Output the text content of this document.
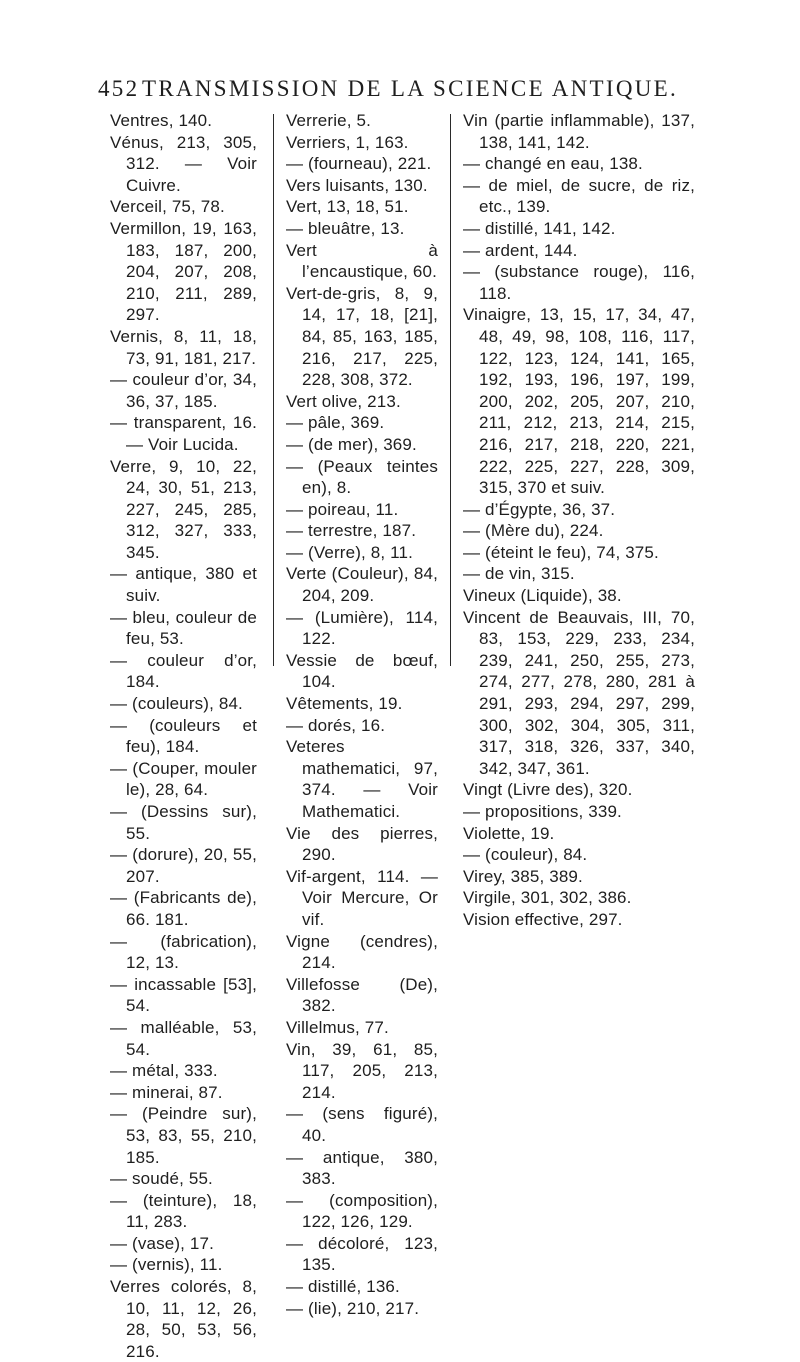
452 TRANSMISSION DE LA SCIENCE ANTIQUE.
Ventres, 140.
Vénus, 213, 305, 312. — Voir Cuivre.
Verceil, 75, 78.
Vermillon, 19, 163, 183, 187, 200, 204, 207, 208, 210, 211, 289, 297.
Vernis, 8, 11, 18, 73, 91, 181, 217.
— couleur d’or, 34, 36, 37, 185.
— transparent, 16. — Voir Lucida.
Verre, 9, 10, 22, 24, 30, 51, 213, 227, 245, 285, 312, 327, 333, 345.
— antique, 380 et suiv.
— bleu, couleur de feu, 53.
— couleur d’or, 184.
— (couleurs), 84.
— (couleurs et feu), 184.
— (Couper, mouler le), 28, 64.
— (Dessins sur), 55.
— (dorure), 20, 55, 207.
— (Fabricants de), 66. 181.
— (fabrication), 12, 13.
— incassable [53], 54.
— malléable, 53, 54.
— métal, 333.
— minerai, 87.
— (Peindre sur), 53, 83, 55, 210, 185.
— soudé, 55.
— (teinture), 18, 11, 283.
— (vase), 17.
— (vernis), 11.
Verres colorés, 8, 10, 11, 12, 26, 28, 50, 53, 56, 216.
Verrerie, 5.
Verriers, 1, 163.
— (fourneau), 221.
Vers luisants, 130.
Vert, 13, 18, 51.
— bleuâtre, 13.
Vert à l’encaustique, 60.
Vert-de-gris, 8, 9, 14, 17, 18, [21], 84, 85, 163, 185, 216, 217, 225, 228, 308, 372.
Vert olive, 213.
— pâle, 369.
— (de mer), 369.
— (Peaux teintes en), 8.
— poireau, 11.
— terrestre, 187.
— (Verre), 8, 11.
Verte (Couleur), 84, 204, 209.
— (Lumière), 114, 122.
Vessie de bœuf, 104.
Vêtements, 19.
— dorés, 16.
Veteres mathematici, 97, 374. — Voir Mathematici.
Vie des pierres, 290.
Vif-argent, 114. — Voir Mercure, Or vif.
Vigne (cendres), 214.
Villefosse (De), 382.
Villelmus, 77.
Vin, 39, 61, 85, 117, 205, 213, 214.
— (sens figuré), 40.
— antique, 380, 383.
— (composition), 122, 126, 129.
— décoloré, 123, 135.
— distillé, 136.
— (lie), 210, 217.
Vin (partie inflammable), 137, 138, 141, 142.
— changé en eau, 138.
— de miel, de sucre, de riz, etc., 139.
— distillé, 141, 142.
— ardent, 144.
— (substance rouge), 116, 118.
Vinaigre, 13, 15, 17, 34, 47, 48, 49, 98, 108, 116, 117, 122, 123, 124, 141, 165, 192, 193, 196, 197, 199, 200, 202, 205, 207, 210, 211, 212, 213, 214, 215, 216, 217, 218, 220, 221, 222, 225, 227, 228, 309, 315, 370 et suiv.
— d’Égypte, 36, 37.
— (Mère du), 224.
— (éteint le feu), 74, 375.
— de vin, 315.
Vineux (Liquide), 38.
Vincent de Beauvais, III, 70, 83, 153, 229, 233, 234, 239, 241, 250, 255, 273, 274, 277, 278, 280, 281 à 291, 293, 294, 297, 299, 300, 302, 304, 305, 311, 317, 318, 326, 337, 340, 342, 347, 361.
Vingt (Livre des), 320.
— propositions, 339.
Violette, 19.
— (couleur), 84.
Virey, 385, 389.
Virgile, 301, 302, 386.
Vision effective, 297.
